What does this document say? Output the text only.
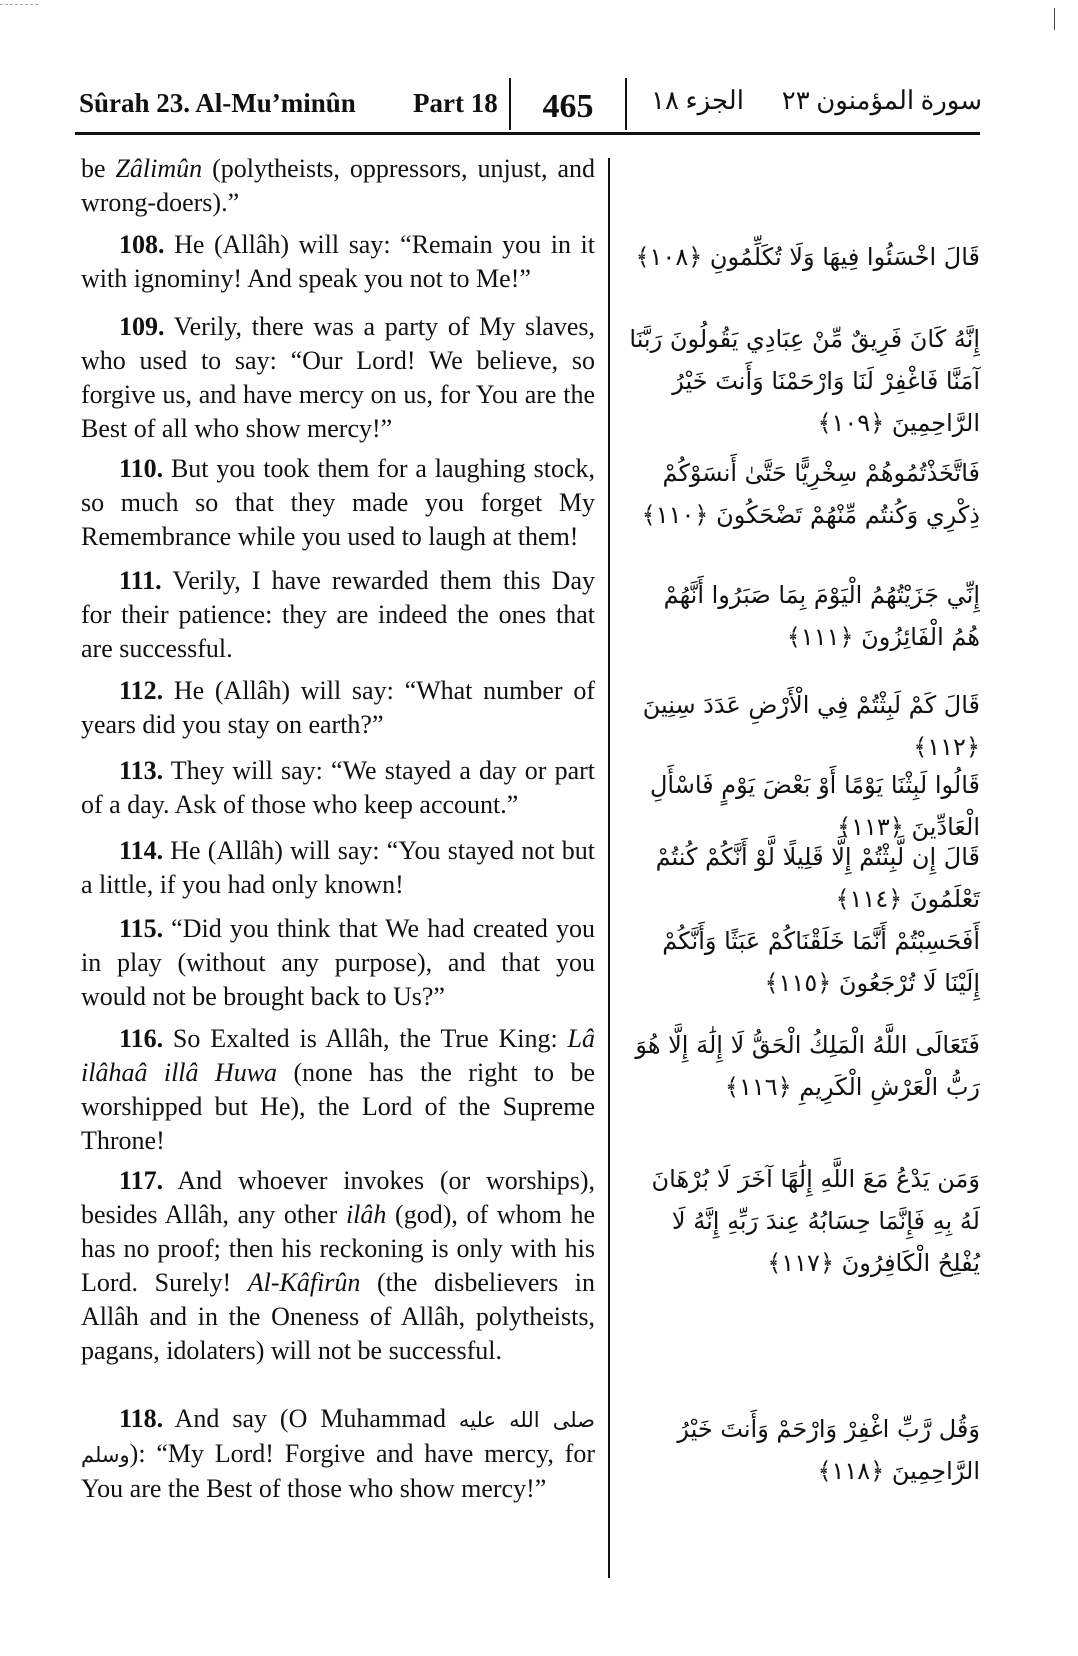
Sûrah 23. Al-Mu’minûn Part 18	465	الجزء ١٨ سورة المؤمنون ٢٣

be Zâlimûn (polytheists, oppressors, unjust, and wrong-doers).”

108. He (Allâh) will say: “Remain you in it with ignominy! And speak you not to Me!”

109. Verily, there was a party of My slaves, who used to say: “Our Lord! We believe, so forgive us, and have mercy on us, for You are the Best of all who show mercy!”

110. But you took them for a laughing stock, so much so that they made you forget My Remembrance while you used to laugh at them!

111. Verily, I have rewarded them this Day for their patience: they are indeed the ones that are successful.

112. He (Allâh) will say: “What number of years did you stay on earth?”

113. They will say: “We stayed a day or part of a day. Ask of those who keep account.”

114. He (Allâh) will say: “You stayed not but a little, if you had only known!

115. “Did you think that We had created you in play (without any purpose), and that you would not be brought back to Us?”

116. So Exalted is Allâh, the True King: Lâ ilâhaâ illâ Huwa (none has the right to be worshipped but He), the Lord of the Supreme Throne!

117. And whoever invokes (or worships), besides Allâh, any other ilâh (god), of whom he has no proof; then his reckoning is only with his Lord. Surely! Al-Kâfirûn (the disbelievers in Allâh and in the Oneness of Allâh, polytheists, pagans, idolaters) will not be successful.

118. And say (O Muhammad صلى الله عليه وسلم): “My Lord! Forgive and have mercy, for You are the Best of those who show mercy!”

قَالَ اخْسَئُوا فِيهَا وَلَا تُكَلِّمُونِ ﴿١٠٨﴾
إِنَّهُ كَانَ فَرِيقٌ مِّنْ عِبَادِي يَقُولُونَ رَبَّنَا آمَنَّا فَاغْفِرْ لَنَا وَارْحَمْنَا وَأَنتَ خَيْرُ الرَّاحِمِينَ ﴿١٠٩﴾
فَاتَّخَذْتُمُوهُمْ سِخْرِيًّا حَتَّىٰ أَنسَوْكُمْ ذِكْرِي وَكُنتُم مِّنْهُمْ تَضْحَكُونَ ﴿١١٠﴾
إِنِّي جَزَيْتُهُمُ الْيَوْمَ بِمَا صَبَرُوا أَنَّهُمْ هُمُ الْفَائِزُونَ ﴿١١١﴾
قَالَ كَمْ لَبِثْتُمْ فِي الْأَرْضِ عَدَدَ سِنِينَ ﴿١١٢﴾
قَالُوا لَبِثْنَا يَوْمًا أَوْ بَعْضَ يَوْمٍ فَاسْأَلِ الْعَادِّينَ ﴿١١٣﴾
قَالَ إِن لَّبِثْتُمْ إِلَّا قَلِيلًا لَّوْ أَنَّكُمْ كُنتُمْ تَعْلَمُونَ ﴿١١٤﴾
أَفَحَسِبْتُمْ أَنَّمَا خَلَقْنَاكُمْ عَبَثًا وَأَنَّكُمْ إِلَيْنَا لَا تُرْجَعُونَ ﴿١١٥﴾
فَتَعَالَى اللَّهُ الْمَلِكُ الْحَقُّ لَا إِلَٰهَ إِلَّا هُوَ رَبُّ الْعَرْشِ الْكَرِيمِ ﴿١١٦﴾
وَمَن يَدْعُ مَعَ اللَّهِ إِلَٰهًا آخَرَ لَا بُرْهَانَ لَهُ بِهِ فَإِنَّمَا حِسَابُهُ عِندَ رَبِّهِ إِنَّهُ لَا يُفْلِحُ الْكَافِرُونَ ﴿١١٧﴾
وَقُل رَّبِّ اغْفِرْ وَارْحَمْ وَأَنتَ خَيْرُ الرَّاحِمِينَ ﴿١١٨﴾
